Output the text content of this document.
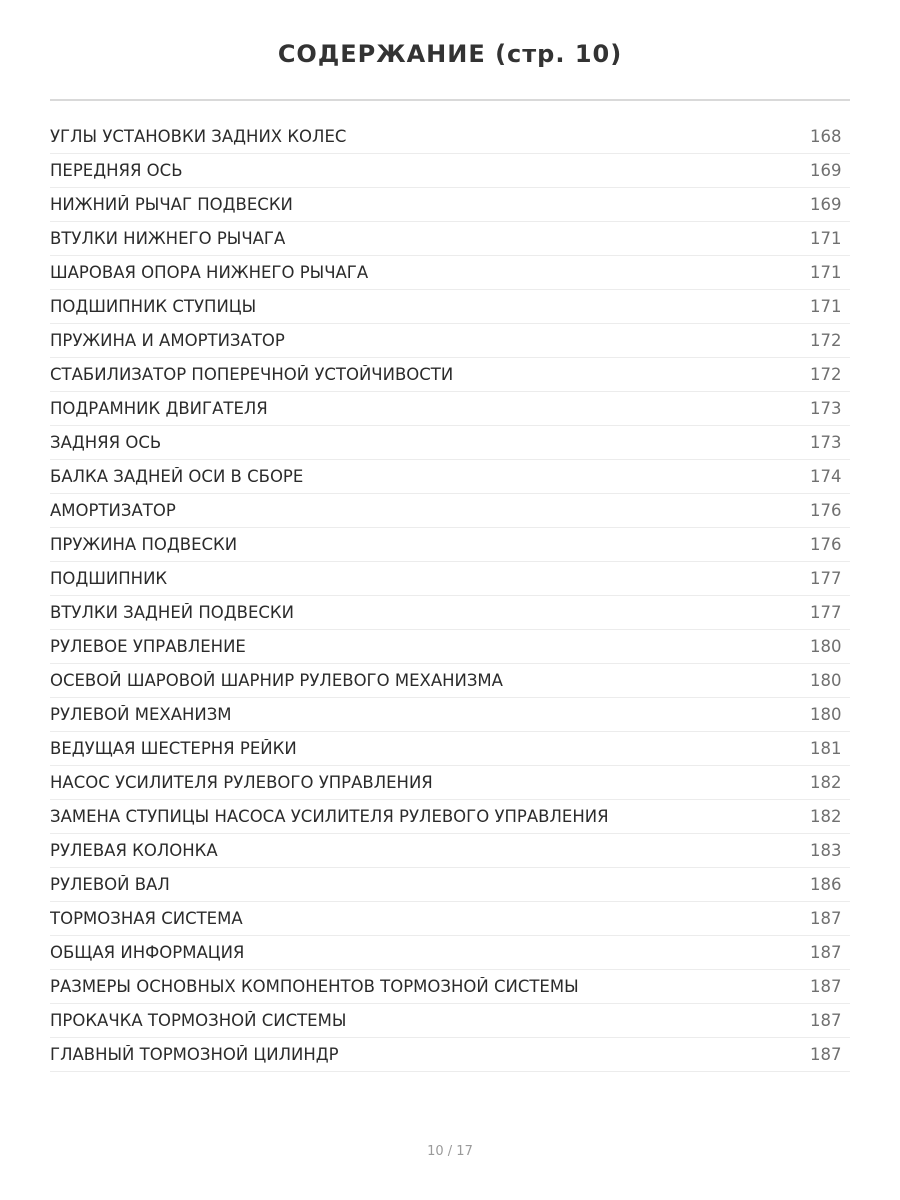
СОДЕРЖАНИЕ (стр. 10)
УГЛЫ УСТАНОВКИ ЗАДНИХ КОЛЕС	168
ПЕРЕДНЯЯ ОСЬ	169
НИЖНИЙ РЫЧАГ ПОДВЕСКИ	169
ВТУЛКИ НИЖНЕГО РЫЧАГА	171
ШАРОВАЯ ОПОРА НИЖНЕГО РЫЧАГА	171
ПОДШИПНИК СТУПИЦЫ	171
ПРУЖИНА И АМОРТИЗАТОР	172
СТАБИЛИЗАТОР ПОПЕРЕЧНОЙ УСТОЙЧИВОСТИ	172
ПОДРАМНИК ДВИГАТЕЛЯ	173
ЗАДНЯЯ ОСЬ	173
БАЛКА ЗАДНЕЙ ОСИ В СБОРЕ	174
АМОРТИЗАТОР	176
ПРУЖИНА ПОДВЕСКИ	176
ПОДШИПНИК	177
ВТУЛКИ ЗАДНЕЙ ПОДВЕСКИ	177
РУЛЕВОЕ УПРАВЛЕНИЕ	180
ОСЕВОЙ ШАРОВОЙ ШАРНИР РУЛЕВОГО МЕХАНИЗМА	180
РУЛЕВОЙ МЕХАНИЗМ	180
ВЕДУЩАЯ ШЕСТЕРНЯ РЕЙКИ	181
НАСОС УСИЛИТЕЛЯ РУЛЕВОГО УПРАВЛЕНИЯ	182
ЗАМЕНА СТУПИЦЫ НАСОСА УСИЛИТЕЛЯ РУЛЕВОГО УПРАВЛЕНИЯ	182
РУЛЕВАЯ КОЛОНКА	183
РУЛЕВОЙ ВАЛ	186
ТОРМОЗНАЯ СИСТЕМА	187
ОБЩАЯ ИНФОРМАЦИЯ	187
РАЗМЕРЫ ОСНОВНЫХ КОМПОНЕНТОВ ТОРМОЗНОЙ СИСТЕМЫ	187
ПРОКАЧКА ТОРМОЗНОЙ СИСТЕМЫ	187
ГЛАВНЫЙ ТОРМОЗНОЙ ЦИЛИНДР	187
10 / 17
